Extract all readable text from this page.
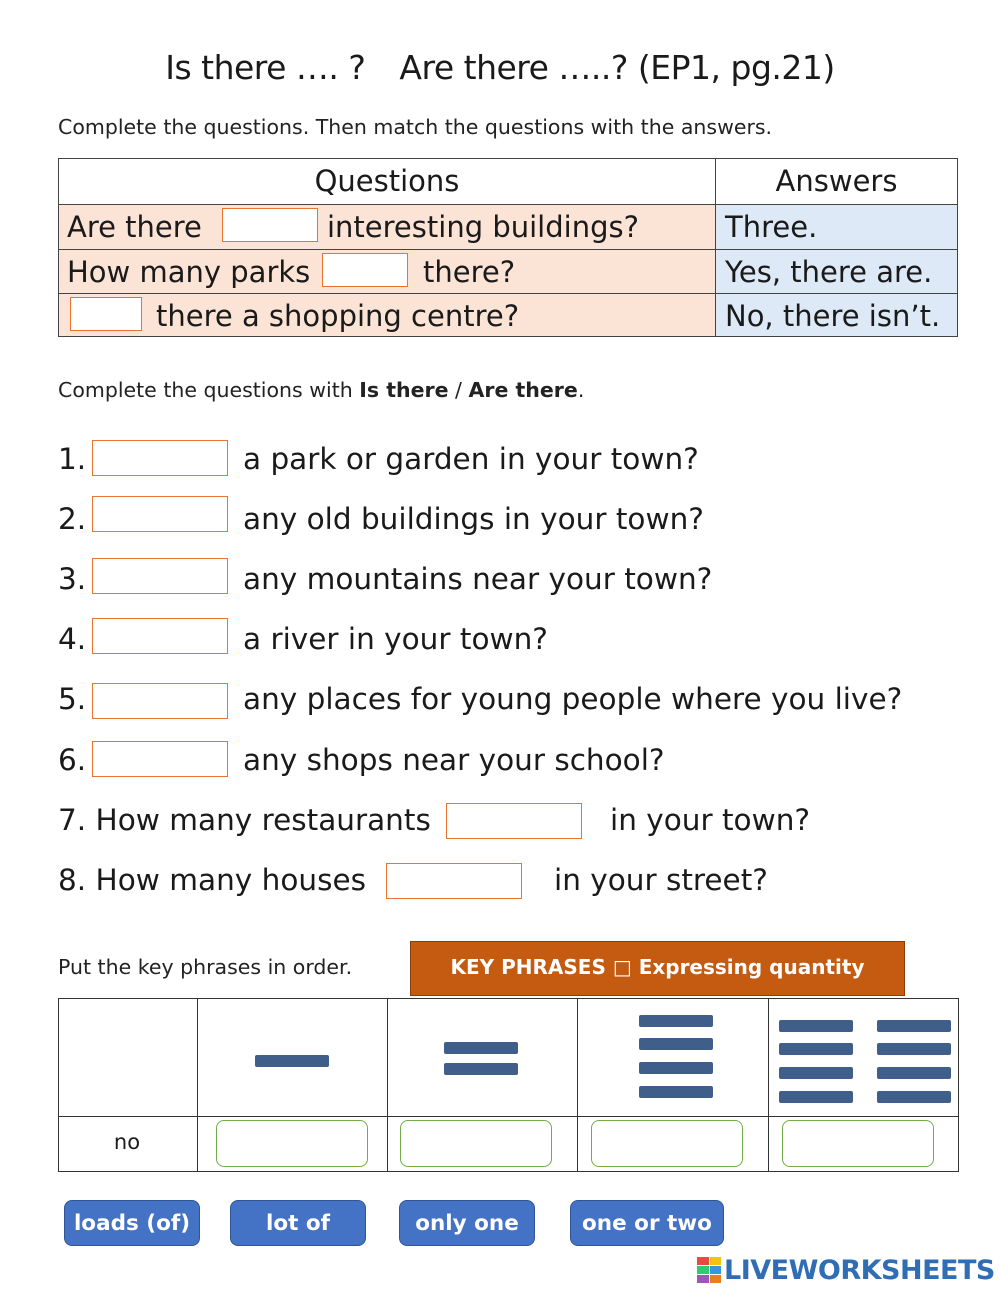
Is there …. ? Are there …..? (EP1, pg.21)
Complete the questions. Then match the questions with the answers.
Questions	Answers
Are there	interesting buildings?	Three.
How many parks	there?	Yes, there are.
there a shopping centre?	No, there isn’t.
Complete the questions with Is there / Are there.
1.	a park or garden in your town?
2.	any old buildings in your town?
3.	any mountains near your town?
4.	a river in your town?
5.	any places for young people where you live?
6.	any shops near your school?
7. How many restaurants	in your town?
8. How many houses	in your street?
Put the key phrases in order.	KEY PHRASES □ Expressing quantity
no
loads (of)	lot of	only one	one or two
LIVEWORKSHEETS
